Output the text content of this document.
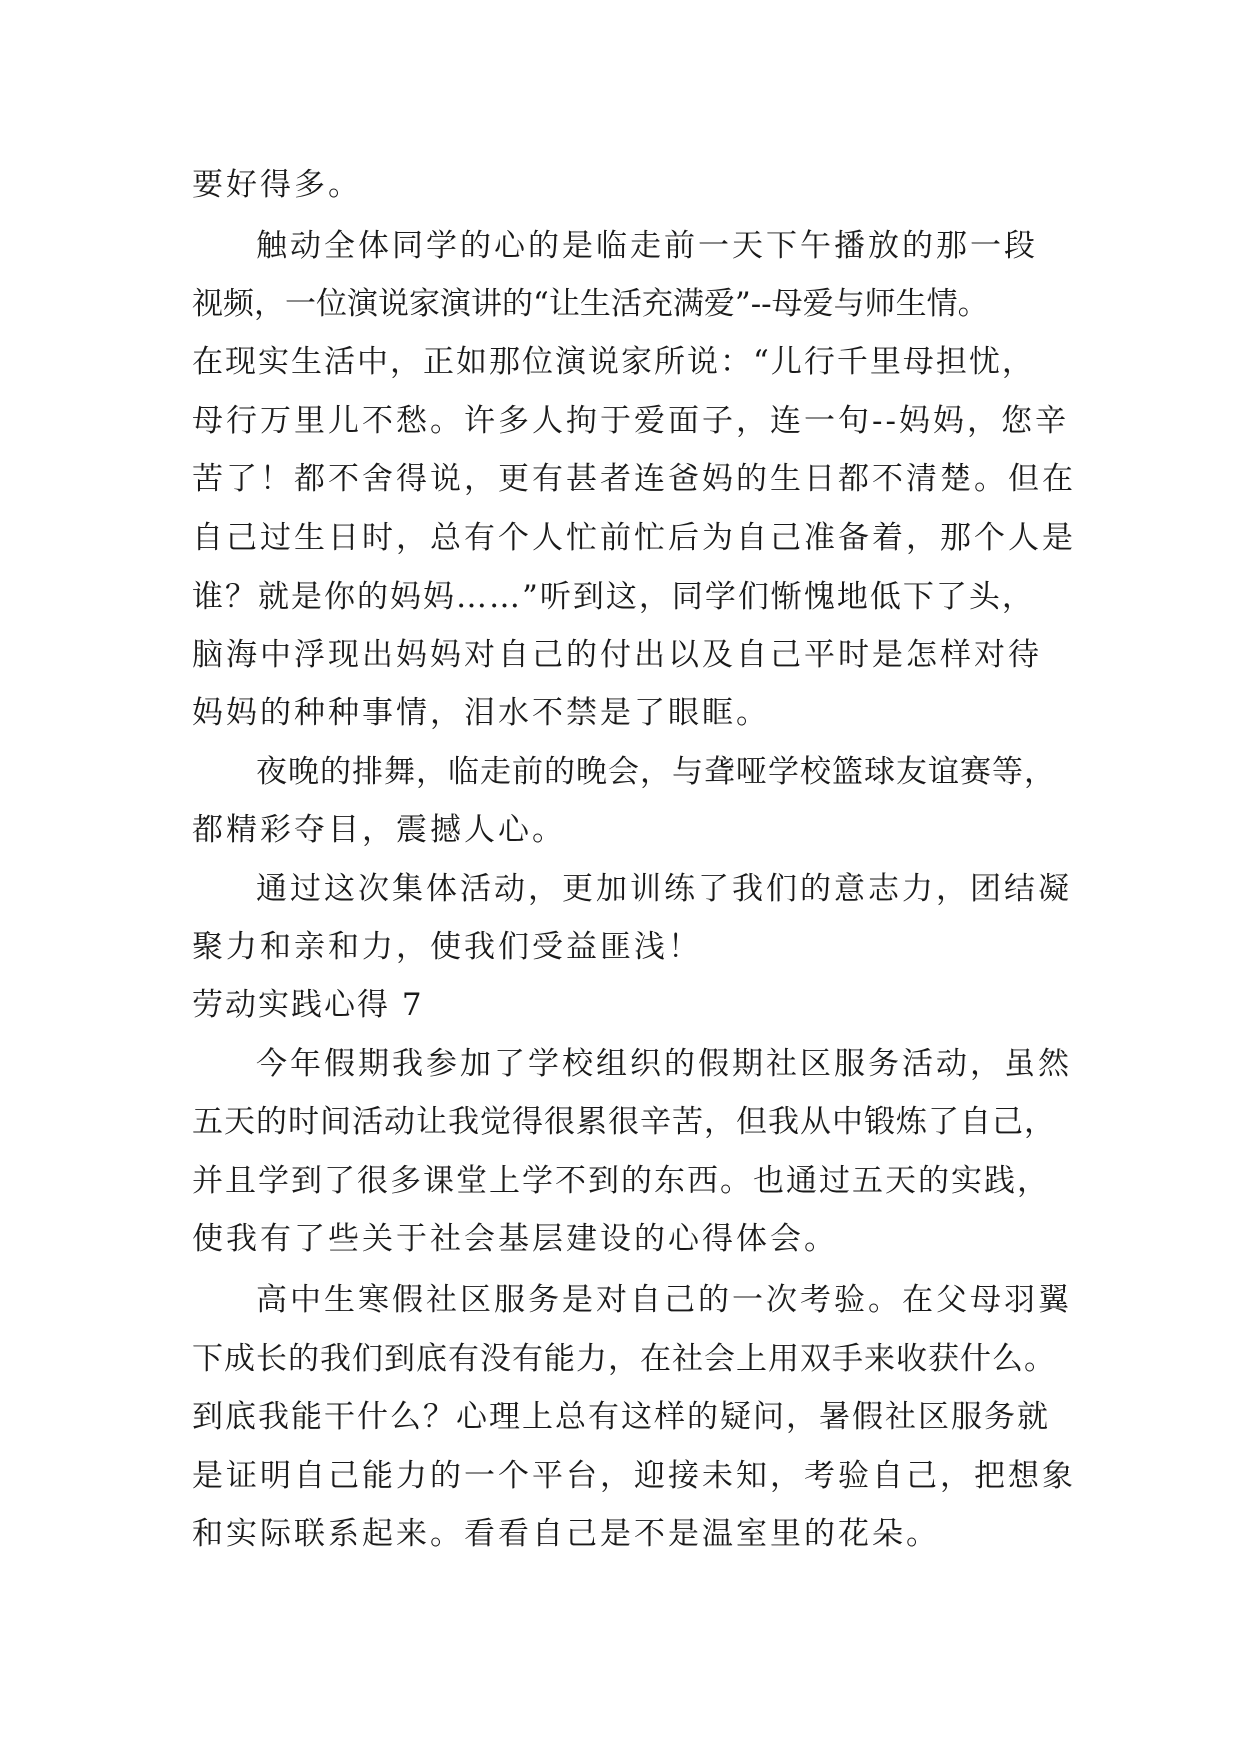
要好得多。

触动全体同学的心的是临走前一天下午播放的那一段

视频，一位演说家演讲的“让生活充满爱”--母爱与师生情。

在现实生活中，正如那位演说家所说：“儿行千里母担忧，

母行万里儿不愁。许多人拘于爱面子，连一句--妈妈，您辛

苦了！都不舍得说，更有甚者连爸妈的生日都不清楚。但在

自己过生日时，总有个人忙前忙后为自己准备着，那个人是

谁？就是你的妈妈……”听到这，同学们惭愧地低下了头，

脑海中浮现出妈妈对自己的付出以及自己平时是怎样对待

妈妈的种种事情，泪水不禁是了眼眶。

夜晚的排舞，临走前的晚会，与聋哑学校篮球友谊赛等，

都精彩夺目，震撼人心。

通过这次集体活动，更加训练了我们的意志力，团结凝

聚力和亲和力，使我们受益匪浅！

劳动实践心得 7

今年假期我参加了学校组织的假期社区服务活动，虽然

五天的时间活动让我觉得很累很辛苦，但我从中锻炼了自己，

并且学到了很多课堂上学不到的东西。也通过五天的实践，

使我有了些关于社会基层建设的心得体会。

高中生寒假社区服务是对自己的一次考验。在父母羽翼

下成长的我们到底有没有能力，在社会上用双手来收获什么。

到底我能干什么？心理上总有这样的疑问，暑假社区服务就

是证明自己能力的一个平台，迎接未知，考验自己，把想象

和实际联系起来。看看自己是不是温室里的花朵。
